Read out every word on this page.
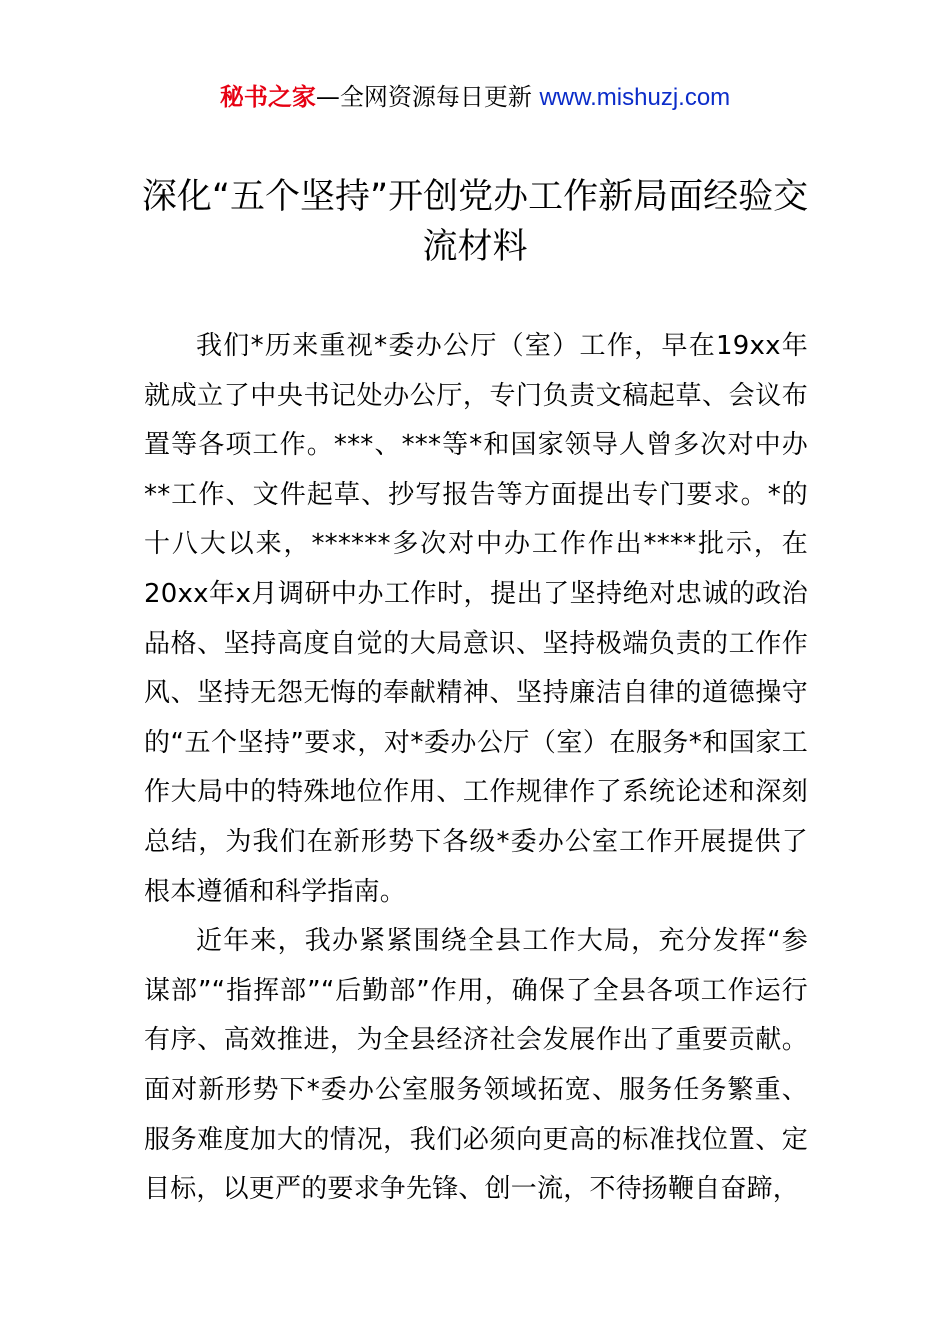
秘书之家—全网资源每日更新 www.mishuzj.com
深化“五个坚持”开创党办工作新局面经验交流材料

我们*历来重视*委办公厅（室）工作，早在19xx年就成立了中央书记处办公厅，专门负责文稿起草、会议布置等各项工作。***、***等*和国家领导人曾多次对中办**工作、文件起草、抄写报告等方面提出专门要求。*的十八大以来，******多次对中办工作作出****批示，在20xx年x月调研中办工作时，提出了坚持绝对忠诚的政治品格、坚持高度自觉的大局意识、坚持极端负责的工作作风、坚持无怨无悔的奉献精神、坚持廉洁自律的道德操守的“五个坚持”要求，对*委办公厅（室）在服务*和国家工作大局中的特殊地位作用、工作规律作了系统论述和深刻总结，为我们在新形势下各级*委办公室工作开展提供了根本遵循和科学指南。

近年来，我办紧紧围绕全县工作大局，充分发挥“参谋部”“指挥部”“后勤部”作用，确保了全县各项工作运行有序、高效推进，为全县经济社会发展作出了重要贡献。面对新形势下*委办公室服务领域拓宽、服务任务繁重、服务难度加大的情况，我们必须向更高的标准找位置、定目标，以更严的要求争先锋、创一流，不待扬鞭自奋蹄，
